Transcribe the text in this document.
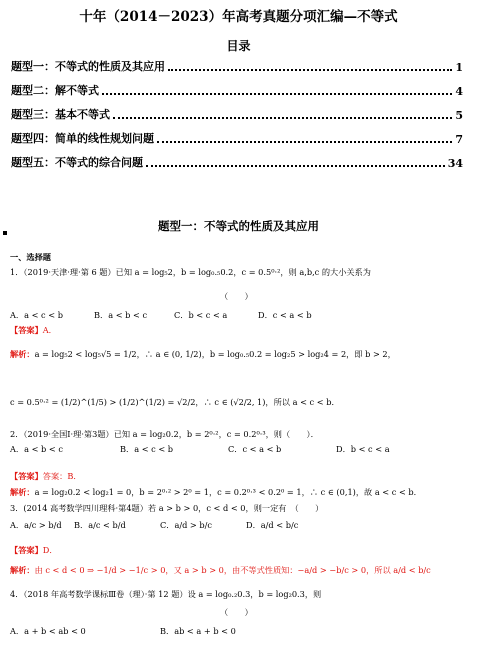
十年（2014－2023）年高考真题分项汇编—不等式
目录
题型一：不等式的性质及其应用	1
题型二：解不等式	4
题型三：基本不等式	5
题型四：简单的线性规划问题	7
题型五：不等式的综合问题	34
题型一：不等式的性质及其应用
一、选择题
1．（2019·天津·理·第 6 题）已知 a = log₅2，b = log₀.₅0.2，c = 0.5⁰·²，则 a,b,c 的大小关系为
（　　）
A．a < c < b	B．a < b < c	C．b < c < a	D．c < a < b
【答案】A．
解析：a = log₅2 < log₅√5 = 1/2，∴ a ∈ (0, 1/2)，b = log₀.₅0.2 = log₂5 > log₂4 = 2，即 b > 2，
c = 0.5⁰·² = (1/2)^(1/5) > (1/2)^(1/2) = √2/2，∴ c ∈ (√2/2, 1)，所以 a < c < b．
2．（2019·全国Ⅰ·理·第3题）已知 a = log₂0.2，b = 2⁰·²，c = 0.2⁰·³，则（　　）．
A．a < b < c	B．a < c < b	C．c < a < b	D．b < c < a
【答案】答案：B．
解析：a = log₂0.2 < log₂1 = 0，b = 2⁰·² > 2⁰ = 1，c = 0.2⁰·³ < 0.2⁰ = 1，∴ c ∈ (0,1)，故 a < c < b．
3．(2014 高考数学四川理科·第4题）若 a > b > 0，c < d < 0，则一定有　（　　）
A．a/c > b/d B．a/c < b/d	C．a/d > b/c	D．a/d < b/c
【答案】D．
解析：由 c < d < 0 ⇒ −1/d > −1/c > 0，又 a > b > 0，由不等式性质知：−a/d > −b/c > 0，所以 a/d < b/c
4．（2018 年高考数学课标Ⅲ卷（理）·第 12 题）设 a = log₀.₂0.3，b = log₂0.3，则
（　　）
A．a + b < ab < 0	B．ab < a + b < 0
